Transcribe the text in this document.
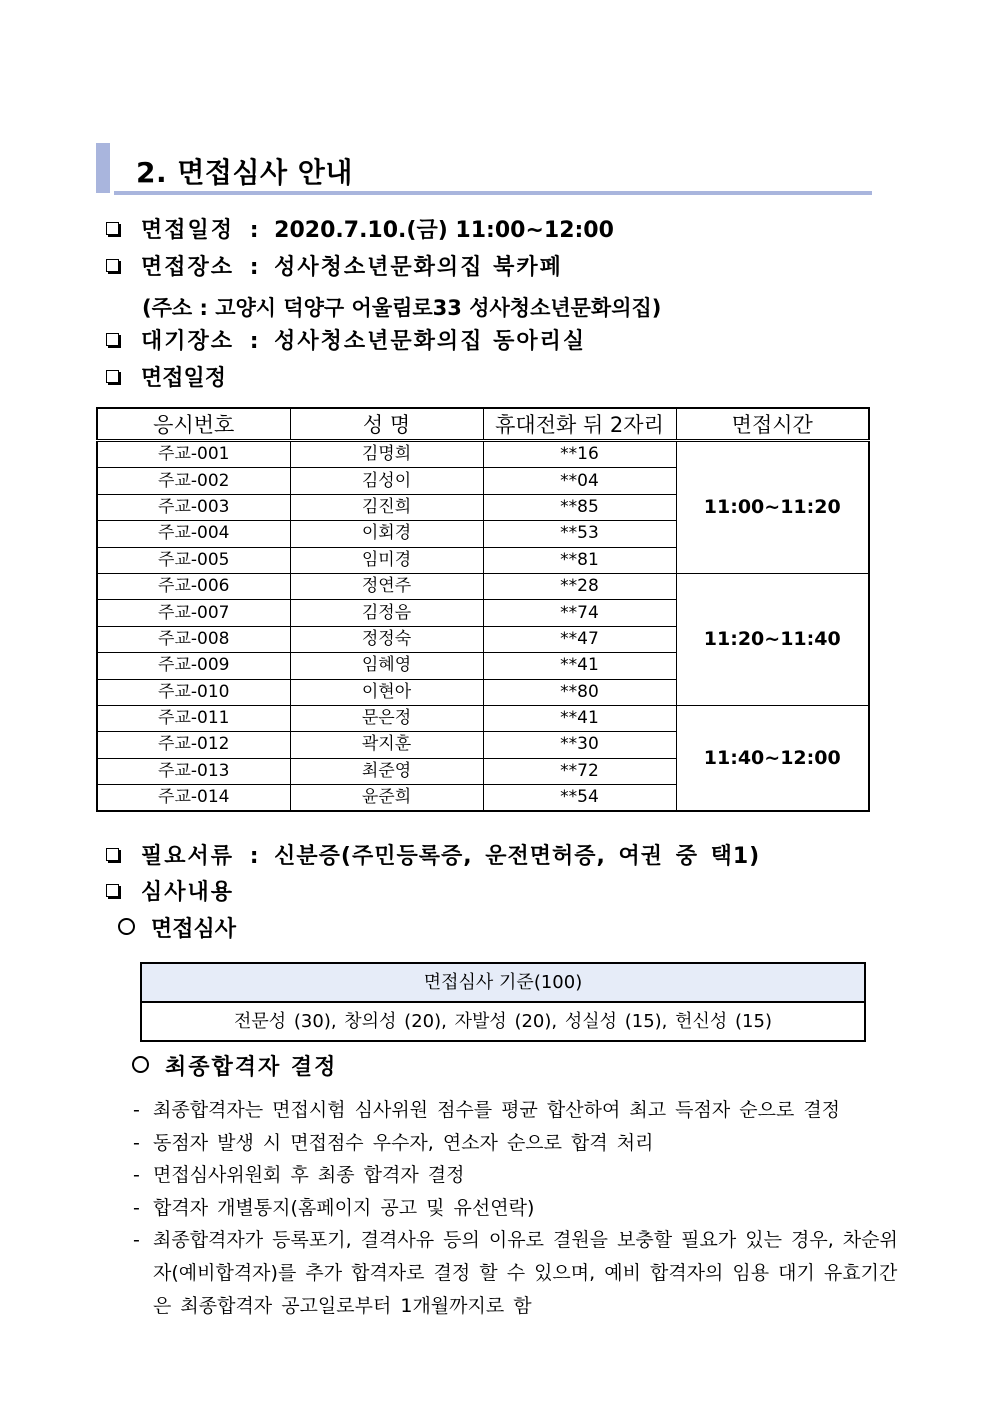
2. 면접심사 안내
면접일정 : 2020.7.10.(금) 11:00~12:00
면접장소 : 성사청소년문화의집 북카페
(주소 : 고양시 덕양구 어울림로33 성사청소년문화의집)
대기장소 : 성사청소년문화의집 동아리실
면접일정
응시번호	성 명	휴대전화 뒤 2자리	면접시간
주교-001	김명희	**16	11:00~11:20
주교-002	김성이	**04	
주교-003	김진희	**85	
주교-004	이회경	**53	
주교-005	임미경	**81	
주교-006	정연주	**28	11:20~11:40
주교-007	김정음	**74	
주교-008	정정숙	**47	
주교-009	임혜영	**41	
주교-010	이현아	**80	
주교-011	문은정	**41	11:40~12:00
주교-012	곽지훈	**30	
주교-013	최준영	**72	
주교-014	윤준희	**54	
필요서류 : 신분증(주민등록증, 운전면허증, 여권 중 택1)
심사내용
면접심사
면접심사 기준(100)
전문성 (30), 창의성 (20), 자발성 (20), 성실성 (15), 헌신성 (15)
최종합격자 결정
- 최종합격자는 면접시험 심사위원 점수를 평균 합산하여 최고 득점자 순으로 결정
- 동점자 발생 시 면접점수 우수자, 연소자 순으로 합격 처리
- 면접심사위원회 후 최종 합격자 결정
- 합격자 개별통지(홈페이지 공고 및 유선연락)
- 최종합격자가 등록포기, 결격사유 등의 이유로 결원을 보충할 필요가 있는 경우, 차순위자(예비합격자)를 추가 합격자로 결정 할 수 있으며, 예비 합격자의 임용 대기 유효기간은 최종합격자 공고일로부터 1개월까지로 함
